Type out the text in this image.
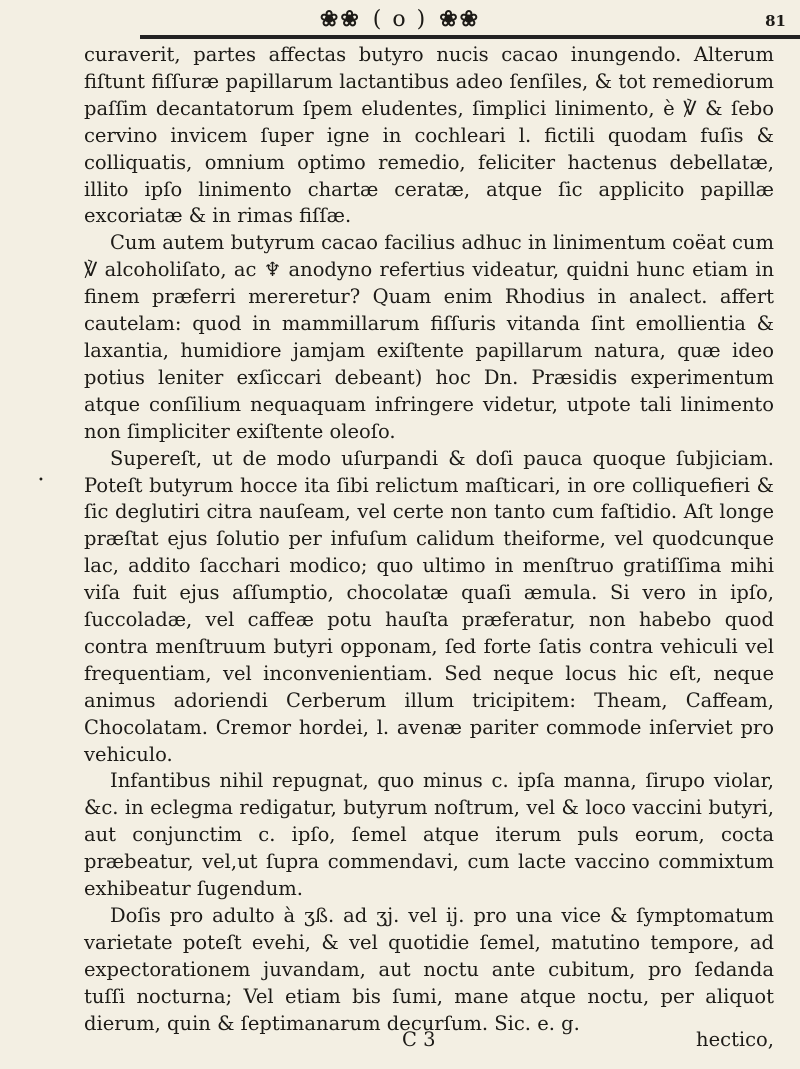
❀❀ ( o ) ❀❀	81
•

curaverit, partes affectas butyro nucis cacao inungendo. Alterum fiſtunt fiſſuræ papillarum lactantibus adeo ſenſiles, & tot remediorum paſſim decantatorum ſpem eludentes, ſimplici linimento, è ℣ & ſebo cervino invicem ſuper igne in cochleari l. fictili quodam fuſis & colliquatis, omnium optimo remedio, feliciter hactenus debellatæ, illito ipſo linimento chartæ ceratæ, atque ſic applicito papillæ excoriatæ & in rimas fiſſæ.

Cum autem butyrum cacao facilius adhuc in linimentum coëat cum ℣ alcoholiſato, ac ♆ anodyno refertius videatur, quidni hunc etiam in finem præferri mereretur? Quam enim Rhodius in analect. affert cautelam: quod in mammillarum fiſſuris vitanda ſint emollientia & laxantia, humidiore jamjam exiſtente papillarum natura, quæ ideo potius leniter exſiccari debeant) hoc Dn. Præsidis experimentum atque conſilium nequaquam infringere videtur, utpote tali linimento non ſimpliciter exiſtente oleoſo.

Supereſt, ut de modo uſurpandi & doſi pauca quoque ſubjiciam. Poteſt butyrum hocce ita ſibi relictum maſticari, in ore colliquefieri & ſic deglutiri citra nauſeam, vel certe non tanto cum faſtidio. Aſt longe præſtat ejus ſolutio per infuſum calidum theiforme, vel quodcunque lac, addito ſacchari modico; quo ultimo in menſtruo gratiſſima mihi viſa fuit ejus aſſumptio, chocolatæ quaſi æmula. Si vero in ipſo, ſuccoladæ, vel caffeæ potu hauſta præferatur, non habebo quod contra menſtruum butyri opponam, ſed forte ſatis contra vehiculi vel frequentiam, vel inconvenientiam. Sed neque locus hic eſt, neque animus adoriendi Cerberum illum tricipitem: Theam, Caffeam, Chocolatam. Cremor hordei, l. avenæ pariter commode inſerviet pro vehiculo.

Infantibus nihil repugnat, quo minus c. ipſa manna, ſirupo violar, &c. in eclegma redigatur, butyrum noſtrum, vel & loco vaccini butyri, aut conjunctim c. ipſo, ſemel atque iterum puls eorum, cocta præbeatur, vel,ut ſupra commendavi, cum lacte vaccino commixtum exhibeatur ſugendum.

Doſis pro adulto à ʒß. ad ʒj. vel ij. pro una vice & ſymptomatum varietate poteſt evehi, & vel quotidie ſemel, matutino tempore, ad expectorationem juvandam, aut noctu ante cubitum, pro ſedanda tuſſi nocturna; Vel etiam bis ſumi, mane atque noctu, per aliquot dierum, quin & ſeptimanarum decurſum. Sic. e. g.

C 3	hectico,
